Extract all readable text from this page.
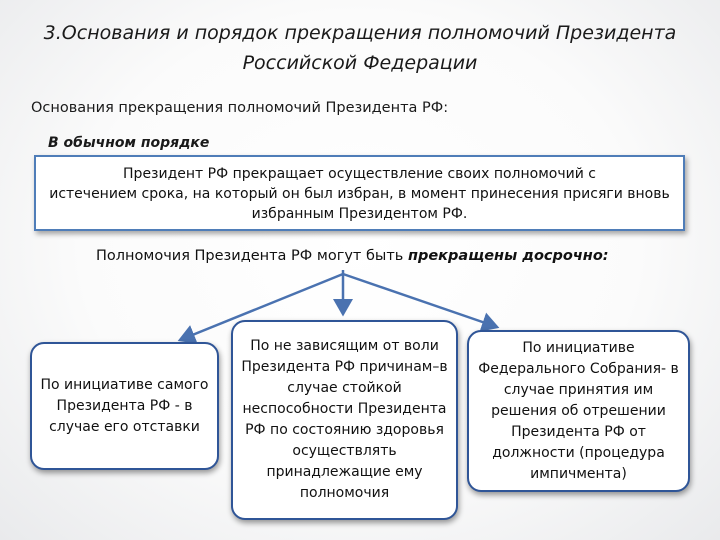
3.Основания и порядок прекращения полномочий Президента
Российской Федерации
Основания прекращения полномочий Президента РФ:
В обычном порядке
Президент РФ прекращает осуществление своих полномочий с
истечением срока, на который он был избран, в момент принесения присяги вновь
избранным Президентом РФ.
Полномочия Президента РФ могут быть прекращены досрочно:
По инициативе самого Президента РФ - в случае его отставки
По не зависящим от воли Президента РФ причинам–в случае стойкой неспособности Президента РФ по состоянию здоровья осуществлять принадлежащие ему полномочия
По инициативе Федерального Собрания- в случае принятия им решения об отрешении Президента РФ от должности (процедура импичмента)
